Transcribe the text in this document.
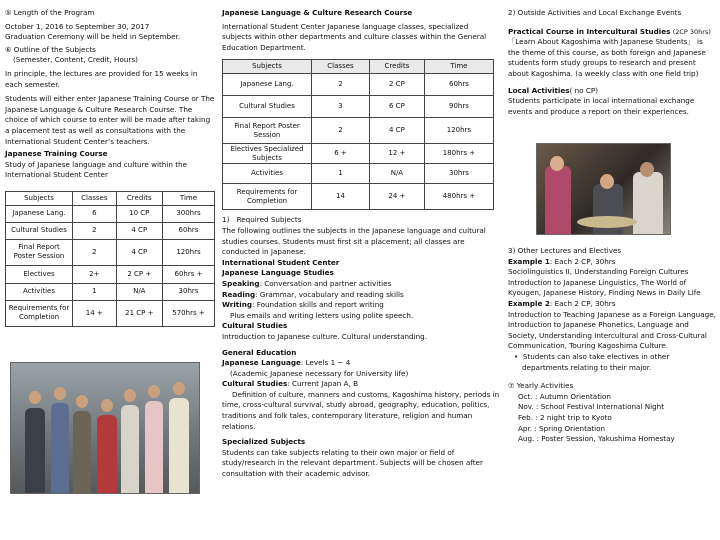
⑤ Length of the Program

October 1, 2016 to September 30, 2017 Graduation Ceremony will be held in September.

⑥ Outline of the Subjects

(Semester, Content, Credit, Hours)

In principle, the lectures are provided for 15 weeks in each semester.

Students will either enter Japanese Training Course or The Japanese Language & Culture Research Course. The choice of which course to enter will be made after taking a placement test as well as consultations with the International Student Center’s teachers.

Japanese Training Course

Study of Japanese language and culture within the International Student Center

Subjects	Classes	Credits	Time
Japanese Lang.	6	10 CP	300hrs
Cultural Studies	2	4 CP	60hrs
Final Report Poster Session	2	4 CP	120hrs
Electives	2+	2 CP +	60hrs +
Activities	1	N/A	30hrs
Requirements for Completion	14 +	21 CP +	570hrs +

Japanese Language & Culture Research Course

International Student Center Japanese language classes, specialized subjects within other departments and culture classes within the General Education Department.

Subjects	Classes	Credits	Time
Japanese Lang.	2	2 CP	60hrs
Cultural Studies	3	6 CP	90hrs
Final Report Poster Session	2	4 CP	120hrs
Electives Specialized Subjects	6 +	12 +	180hrs +
Activities	1	N/A	30hrs
Requirements for Completion	14	24 +	480hrs +

1)　Required Subjects

The following outlines the subjects in the Japanese language and cultural studies courses. Students must first sit a placement; all classes are conducted in Japanese.

International Student Center

Japanese Language Studies

Speaking: Conversation and partner activities

Reading: Grammar, vocabulary and reading skills

Writing: Foundation skills and report writing

Plus emails and writing letters using polite speech.

Cultural Studies

Introduction to Japanese culture. Cultural understanding.

General Education

Japanese Language: Levels 1 ~ 4

(Academic Japanese necessary for University life)

Cultural Studies: Current Japan A, B

Definition of culture, manners and customs, Kagoshima history, periods in time, cross-cultural survival, study abroad, geography, education, politics, traditions and folk tales, contemporary literature, religion and human relations.

Specialized Subjects

Students can take subjects relating to their own major or field of study/research in the relevant department. Subjects will be chosen after consultation with their academic advisor.

2) Outside Activities and Local Exchange Events

Practical Course in Intercultural Studies (2CP 30hrs)

「Learn About Kagoshima with Japanese Students」 is the theme of this course, as both foreign and Japanese students form study groups to research and present about Kagoshima. (a weekly class with one field trip)

Local Activities( no CP)

Students participate in local international exchange events and produce a report on their experiences.

3) Other Lectures and Electives
Example 1: Each 2 CP, 30hrs
Sociolinguistics II, Understanding Foreign Cultures Introduction to Japanese Linguistics, The World of Kyougen, Japanese History, Finding News in Daily Life
Example 2: Each 2 CP, 30hrs
Introduction to Teaching Japanese as a Foreign Language, Introduction to Japanese Phonetics, Language and Society, Understanding Intercultural and Cross-Cultural Communication, Touring Kagoshima Culture.
•  Students can also take electives in other departments relating to their major.
⑦ Yearly Activities
Oct. : Autumn Orientation
Nov. : School Festival International Night
Feb. : 2 night trip to Kyoto
Apr. : Spring Orientation
Aug. : Poster Session, Yakushima Homestay
